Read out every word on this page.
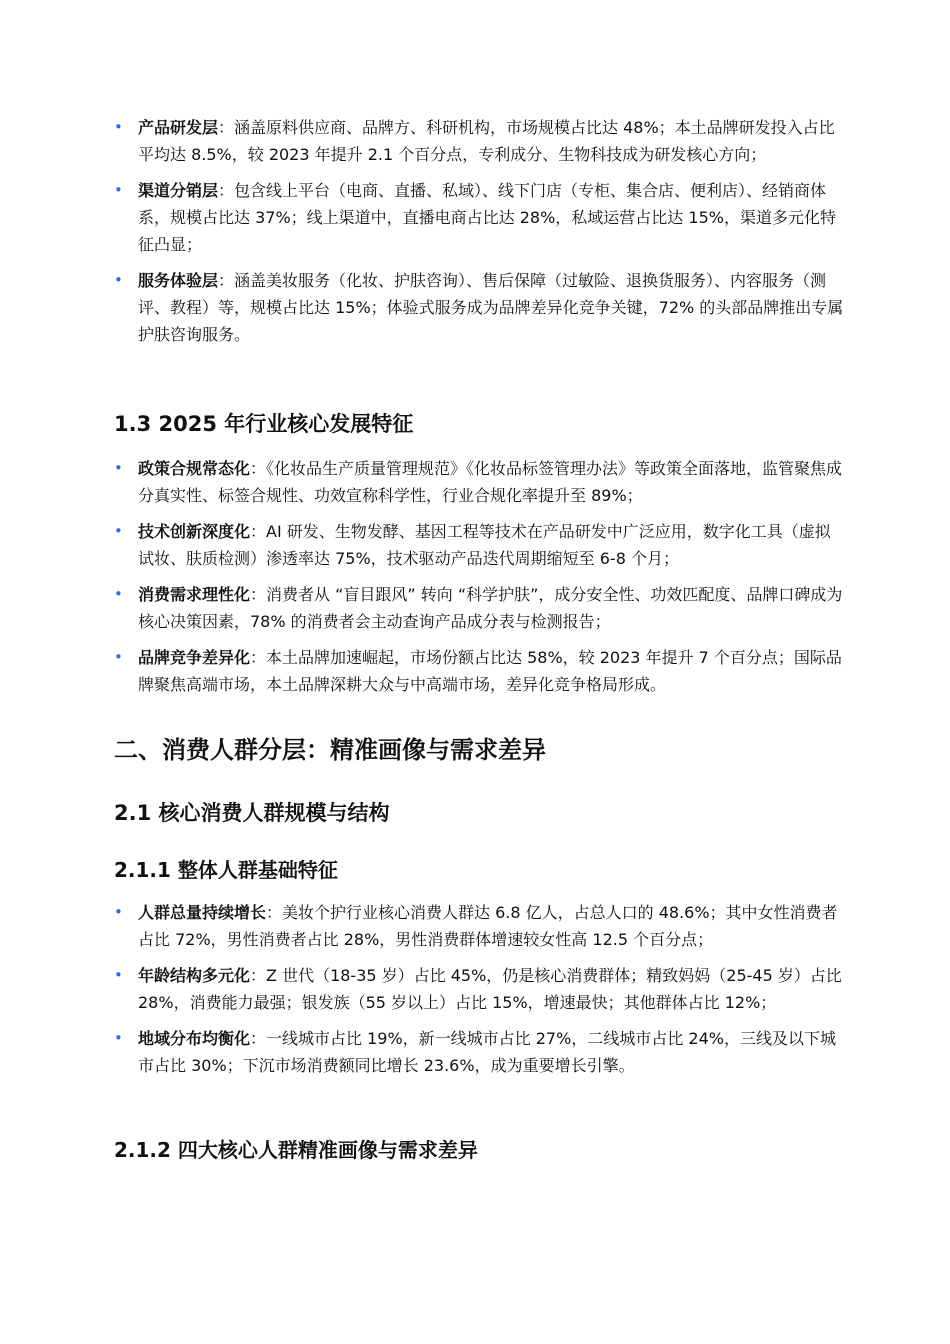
• 产品研发层：涵盖原料供应商、品牌方、科研机构，市场规模占比达 48%；本土品牌研发投入占比平均达 8.5%，较 2023 年提升 2.1 个百分点，专利成分、生物科技成为研发核心方向；
• 渠道分销层：包含线上平台（电商、直播、私域）、线下门店（专柜、集合店、便利店）、经销商体系，规模占比达 37%；线上渠道中，直播电商占比达 28%，私域运营占比达 15%，渠道多元化特征凸显；
• 服务体验层：涵盖美妆服务（化妆、护肤咨询）、售后保障（过敏险、退换货服务）、内容服务（测评、教程）等，规模占比达 15%；体验式服务成为品牌差异化竞争关键，72% 的头部品牌推出专属护肤咨询服务。
1.3 2025 年行业核心发展特征
• 政策合规常态化：《化妆品生产质量管理规范》《化妆品标签管理办法》等政策全面落地，监管聚焦成分真实性、标签合规性、功效宣称科学性，行业合规化率提升至 89%；
• 技术创新深度化：AI 研发、生物发酵、基因工程等技术在产品研发中广泛应用，数字化工具（虚拟试妆、肤质检测）渗透率达 75%，技术驱动产品迭代周期缩短至 6-8 个月；
• 消费需求理性化：消费者从 “盲目跟风” 转向 “科学护肤”，成分安全性、功效匹配度、品牌口碑成为核心决策因素，78% 的消费者会主动查询产品成分表与检测报告；
• 品牌竞争差异化：本土品牌加速崛起，市场份额占比达 58%，较 2023 年提升 7 个百分点；国际品牌聚焦高端市场，本土品牌深耕大众与中高端市场，差异化竞争格局形成。
二、消费人群分层：精准画像与需求差异
2.1 核心消费人群规模与结构
2.1.1 整体人群基础特征
• 人群总量持续增长：美妆个护行业核心消费人群达 6.8 亿人，占总人口的 48.6%；其中女性消费者占比 72%，男性消费者占比 28%，男性消费群体增速较女性高 12.5 个百分点；
• 年龄结构多元化：Z 世代（18-35 岁）占比 45%，仍是核心消费群体；精致妈妈（25-45 岁）占比 28%，消费能力最强；银发族（55 岁以上）占比 15%，增速最快；其他群体占比 12%；
• 地域分布均衡化：一线城市占比 19%，新一线城市占比 27%，二线城市占比 24%，三线及以下城市占比 30%；下沉市场消费额同比增长 23.6%，成为重要增长引擎。
2.1.2 四大核心人群精准画像与需求差异
